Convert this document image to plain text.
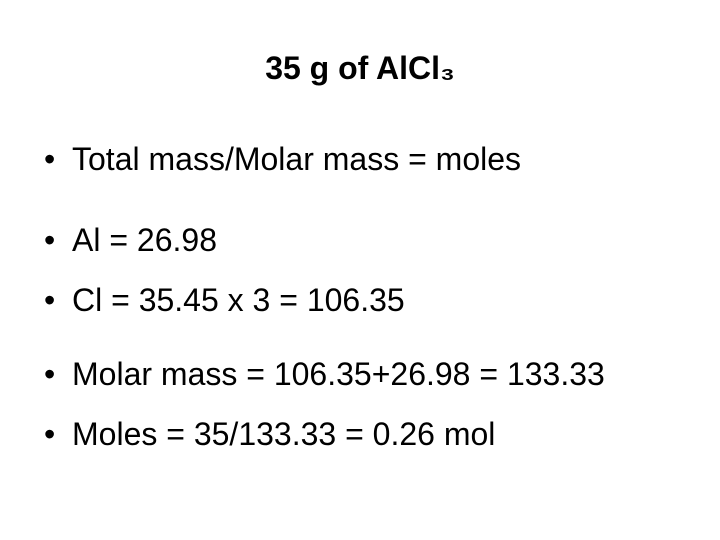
35 g of AlCl₃
• Total mass/Molar mass = moles
• Al = 26.98
• Cl = 35.45 x 3 = 106.35
• Molar mass = 106.35+26.98 = 133.33
• Moles = 35/133.33 = 0.26 mol
